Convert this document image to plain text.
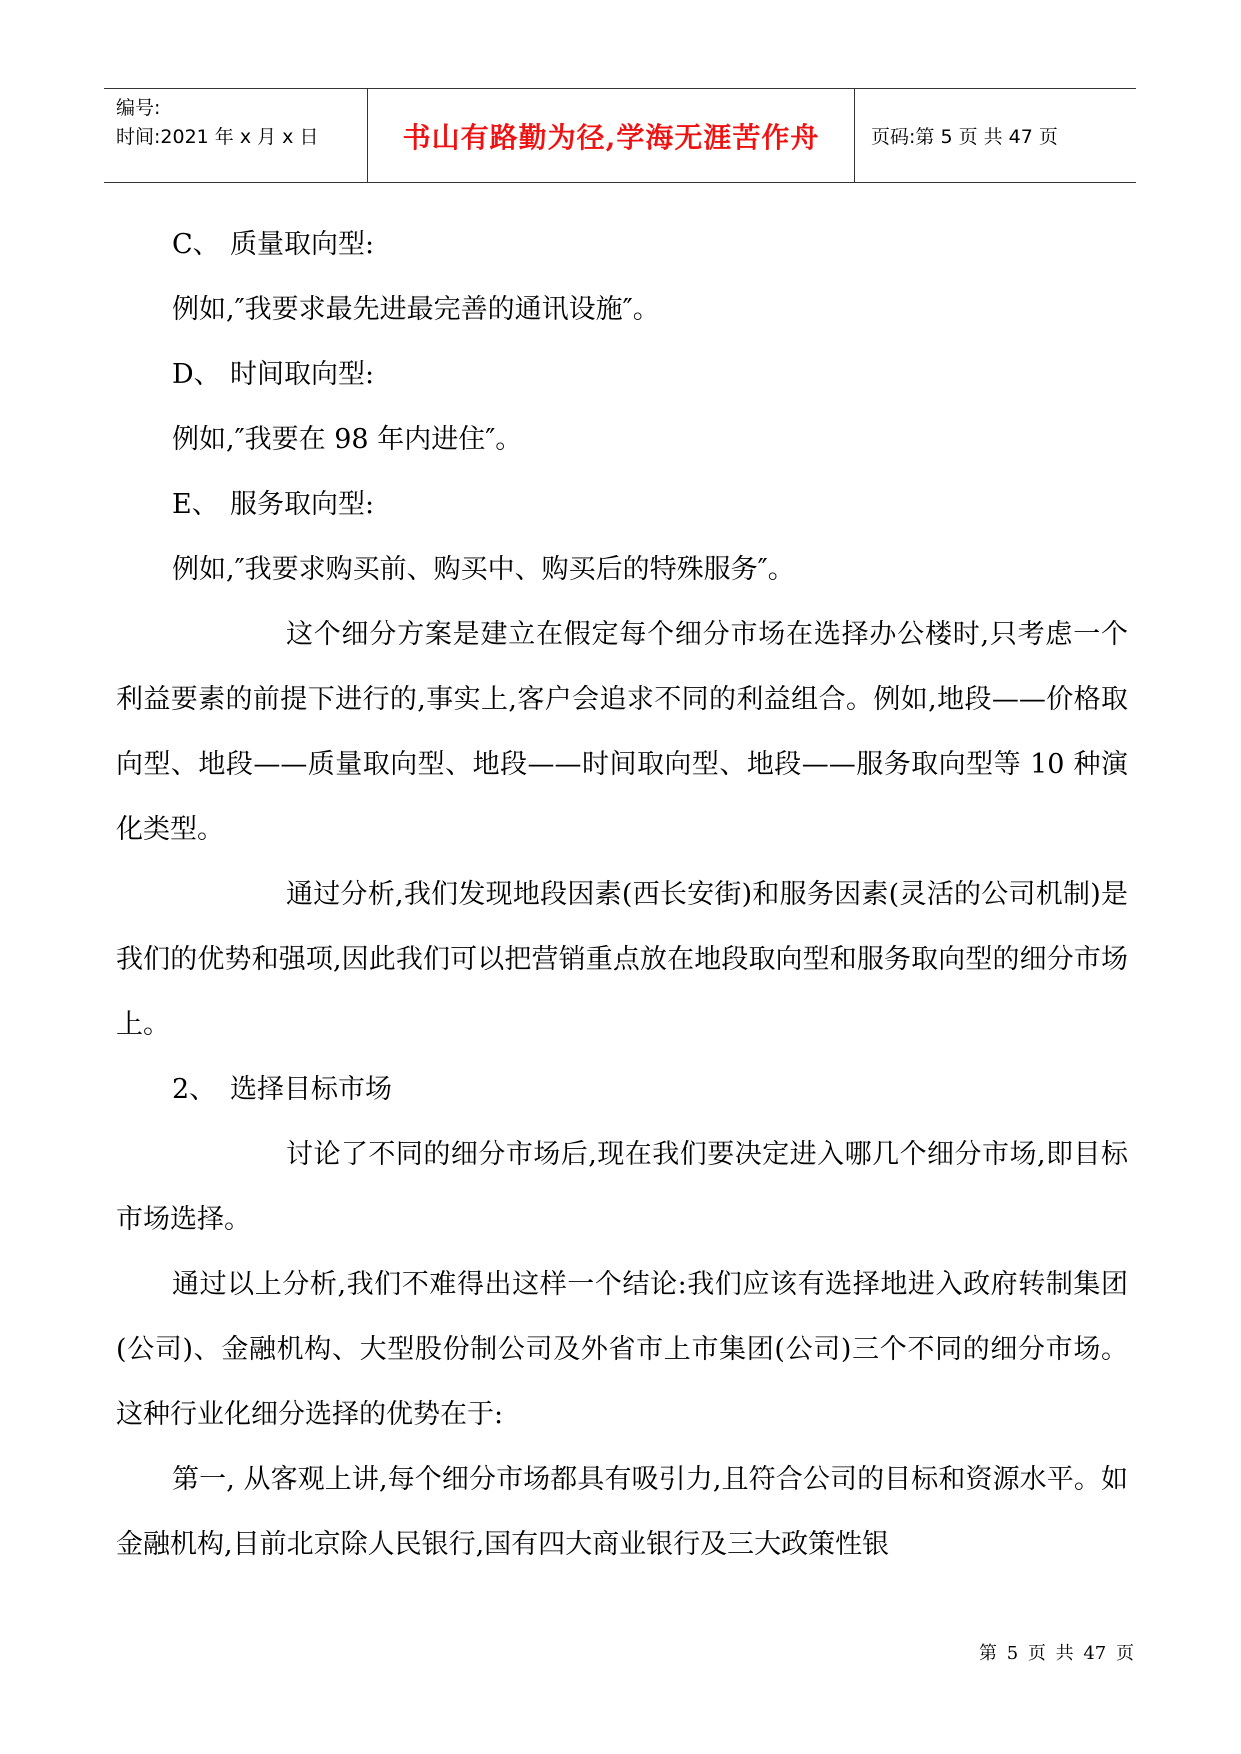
编号:
时间:2021 年 x 月 x 日	书山有路勤为径,学海无涯苦作舟	页码:第 5 页 共 47 页
C、 质量取向型:

例如,″我要求最先进最完善的通讯设施″。

D、 时间取向型:

例如,″我要在 98 年内进住″。

E、 服务取向型:

例如,″我要求购买前、购买中、购买后的特殊服务″。

这个细分方案是建立在假定每个细分市场在选择办公楼时,只考虑一个利益要素的前提下进行的,事实上,客户会追求不同的利益组合。例如,地段——价格取向型、地段——质量取向型、地段——时间取向型、地段——服务取向型等 10 种演化类型。

通过分析,我们发现地段因素(西长安街)和服务因素(灵活的公司机制)是我们的优势和强项,因此我们可以把营销重点放在地段取向型和服务取向型的细分市场上。

2、 选择目标市场

讨论了不同的细分市场后,现在我们要决定进入哪几个细分市场,即目标市场选择。

通过以上分析,我们不难得出这样一个结论:我们应该有选择地进入政府转制集团(公司)、金融机构、大型股份制公司及外省市上市集团(公司)三个不同的细分市场。这种行业化细分选择的优势在于:

第一, 从客观上讲,每个细分市场都具有吸引力,且符合公司的目标和资源水平。如金融机构,目前北京除人民银行,国有四大商业银行及三大政策性银

第 5 页 共 47 页
